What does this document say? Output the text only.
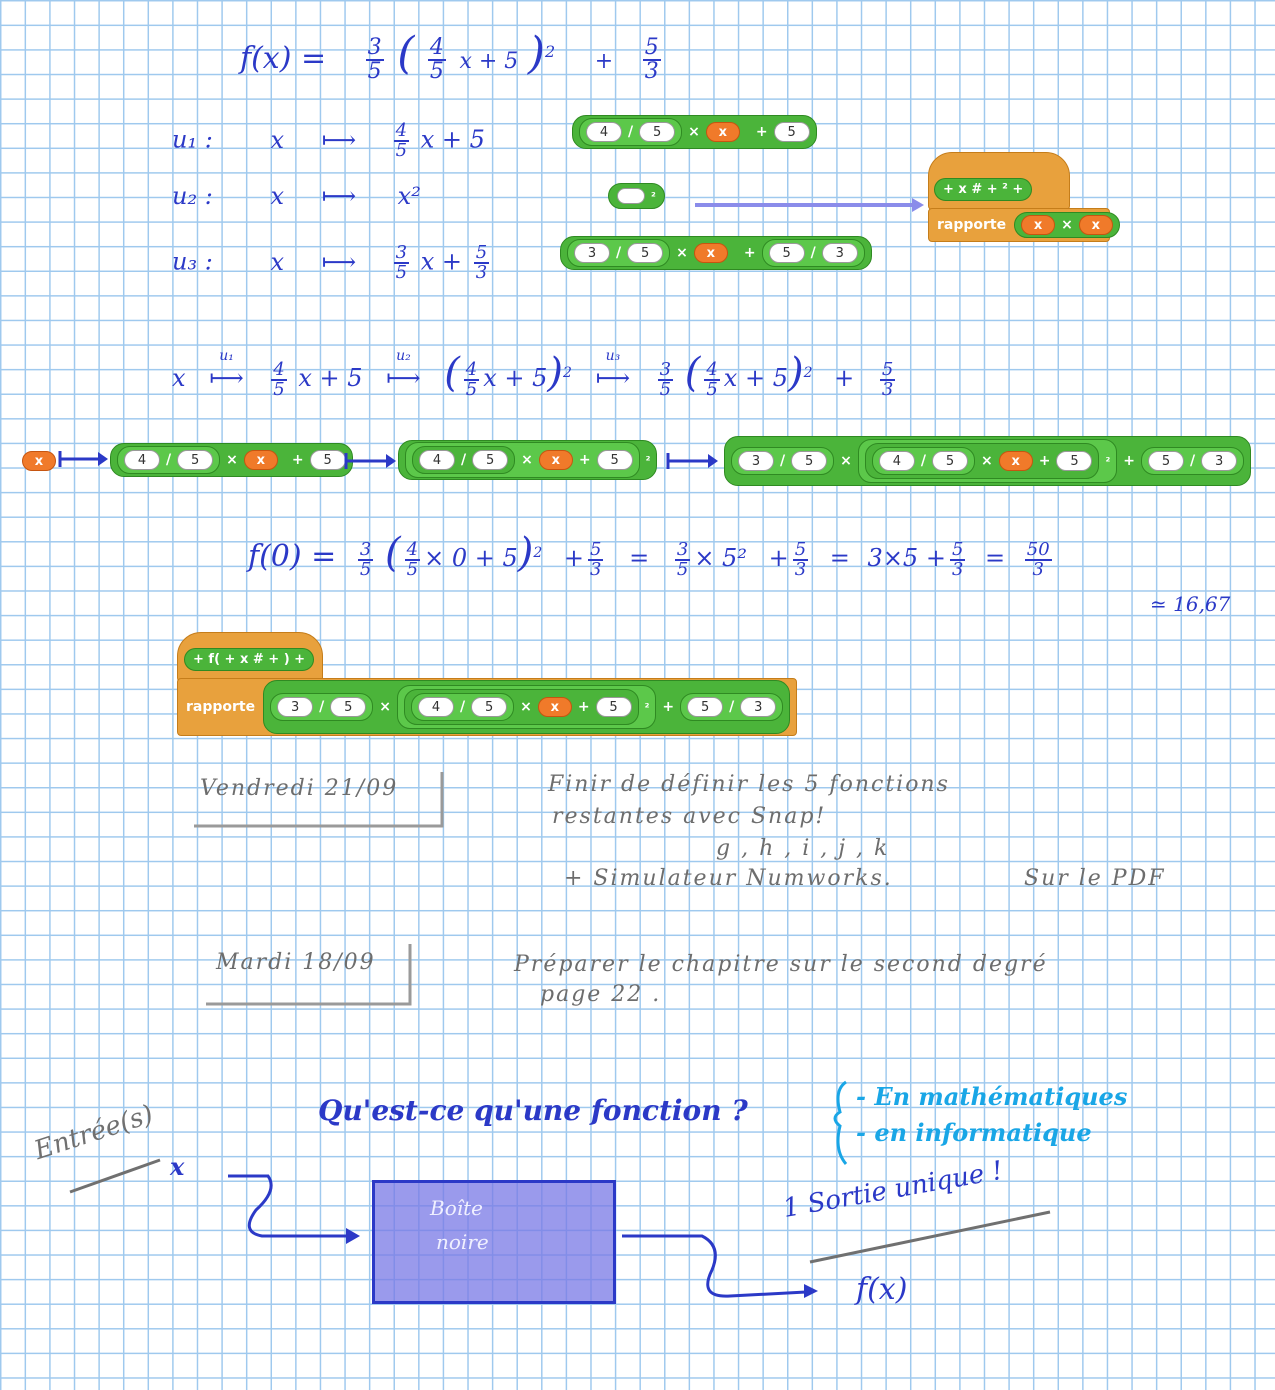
$f(x) = \frac{3}{5}$ ( $\frac{4}{5}$ x + 5 )$^2 + \frac{5}{3}$
u₁ : x ⟼ $\frac{4}{5}$ x + 5
u₂ : x ⟼ x²
u₃ : x ⟼ $\frac{3}{5}$ $x + \frac{5}{3}$
4	/	5	×	x	+	5
²
3	/	5	×	x	+	5	/	3
+ x # + ² +
rapporte	x	×	x
x ⟼
u₁

$\frac{4}{5}$ x + 5 ⟼
u₂ ( $\frac{4}{5}$ x + 5)$^2$ ⟼
u₃

$\frac{3}{5}$ ( $\frac{4}{5}$ $x + 5)^2 + \frac{5}{3}$
x	4	/	5	×	x	+	5	4	/	5	×	x	+	5	²	3	/	5	×	4	/	5	×	x	+	5	² +	5	/	3
$f(0) = \frac{3}{5}$ ( $\frac{4}{5} \times 0 + 5)^2 + \frac{5}{3} = \frac{3}{5} \times 5^2 + \frac{5}{3} = 3\times 5 + \frac{5}{3} = \frac{50}{3}$
≃ 16,67
+ f( + x # + ) +
rapporte	3	/	5	×	4	/	5	×	x	+	5	² +	5	/	3
Vendredi 21/09	Finir de définir les 5 fonctions
restantes avec Snap!
g , h , i , j , k
+ Simulateur Numworks.	Sur le PDF
Mardi 18/09	Préparer le chapitre sur le second degré
page 22 .
Qu'est-ce qu'une fonction ?	- En mathématiques
- en informatique
Entrée(s)
x
Boîte
noire
1 Sortie unique !
f(x)
